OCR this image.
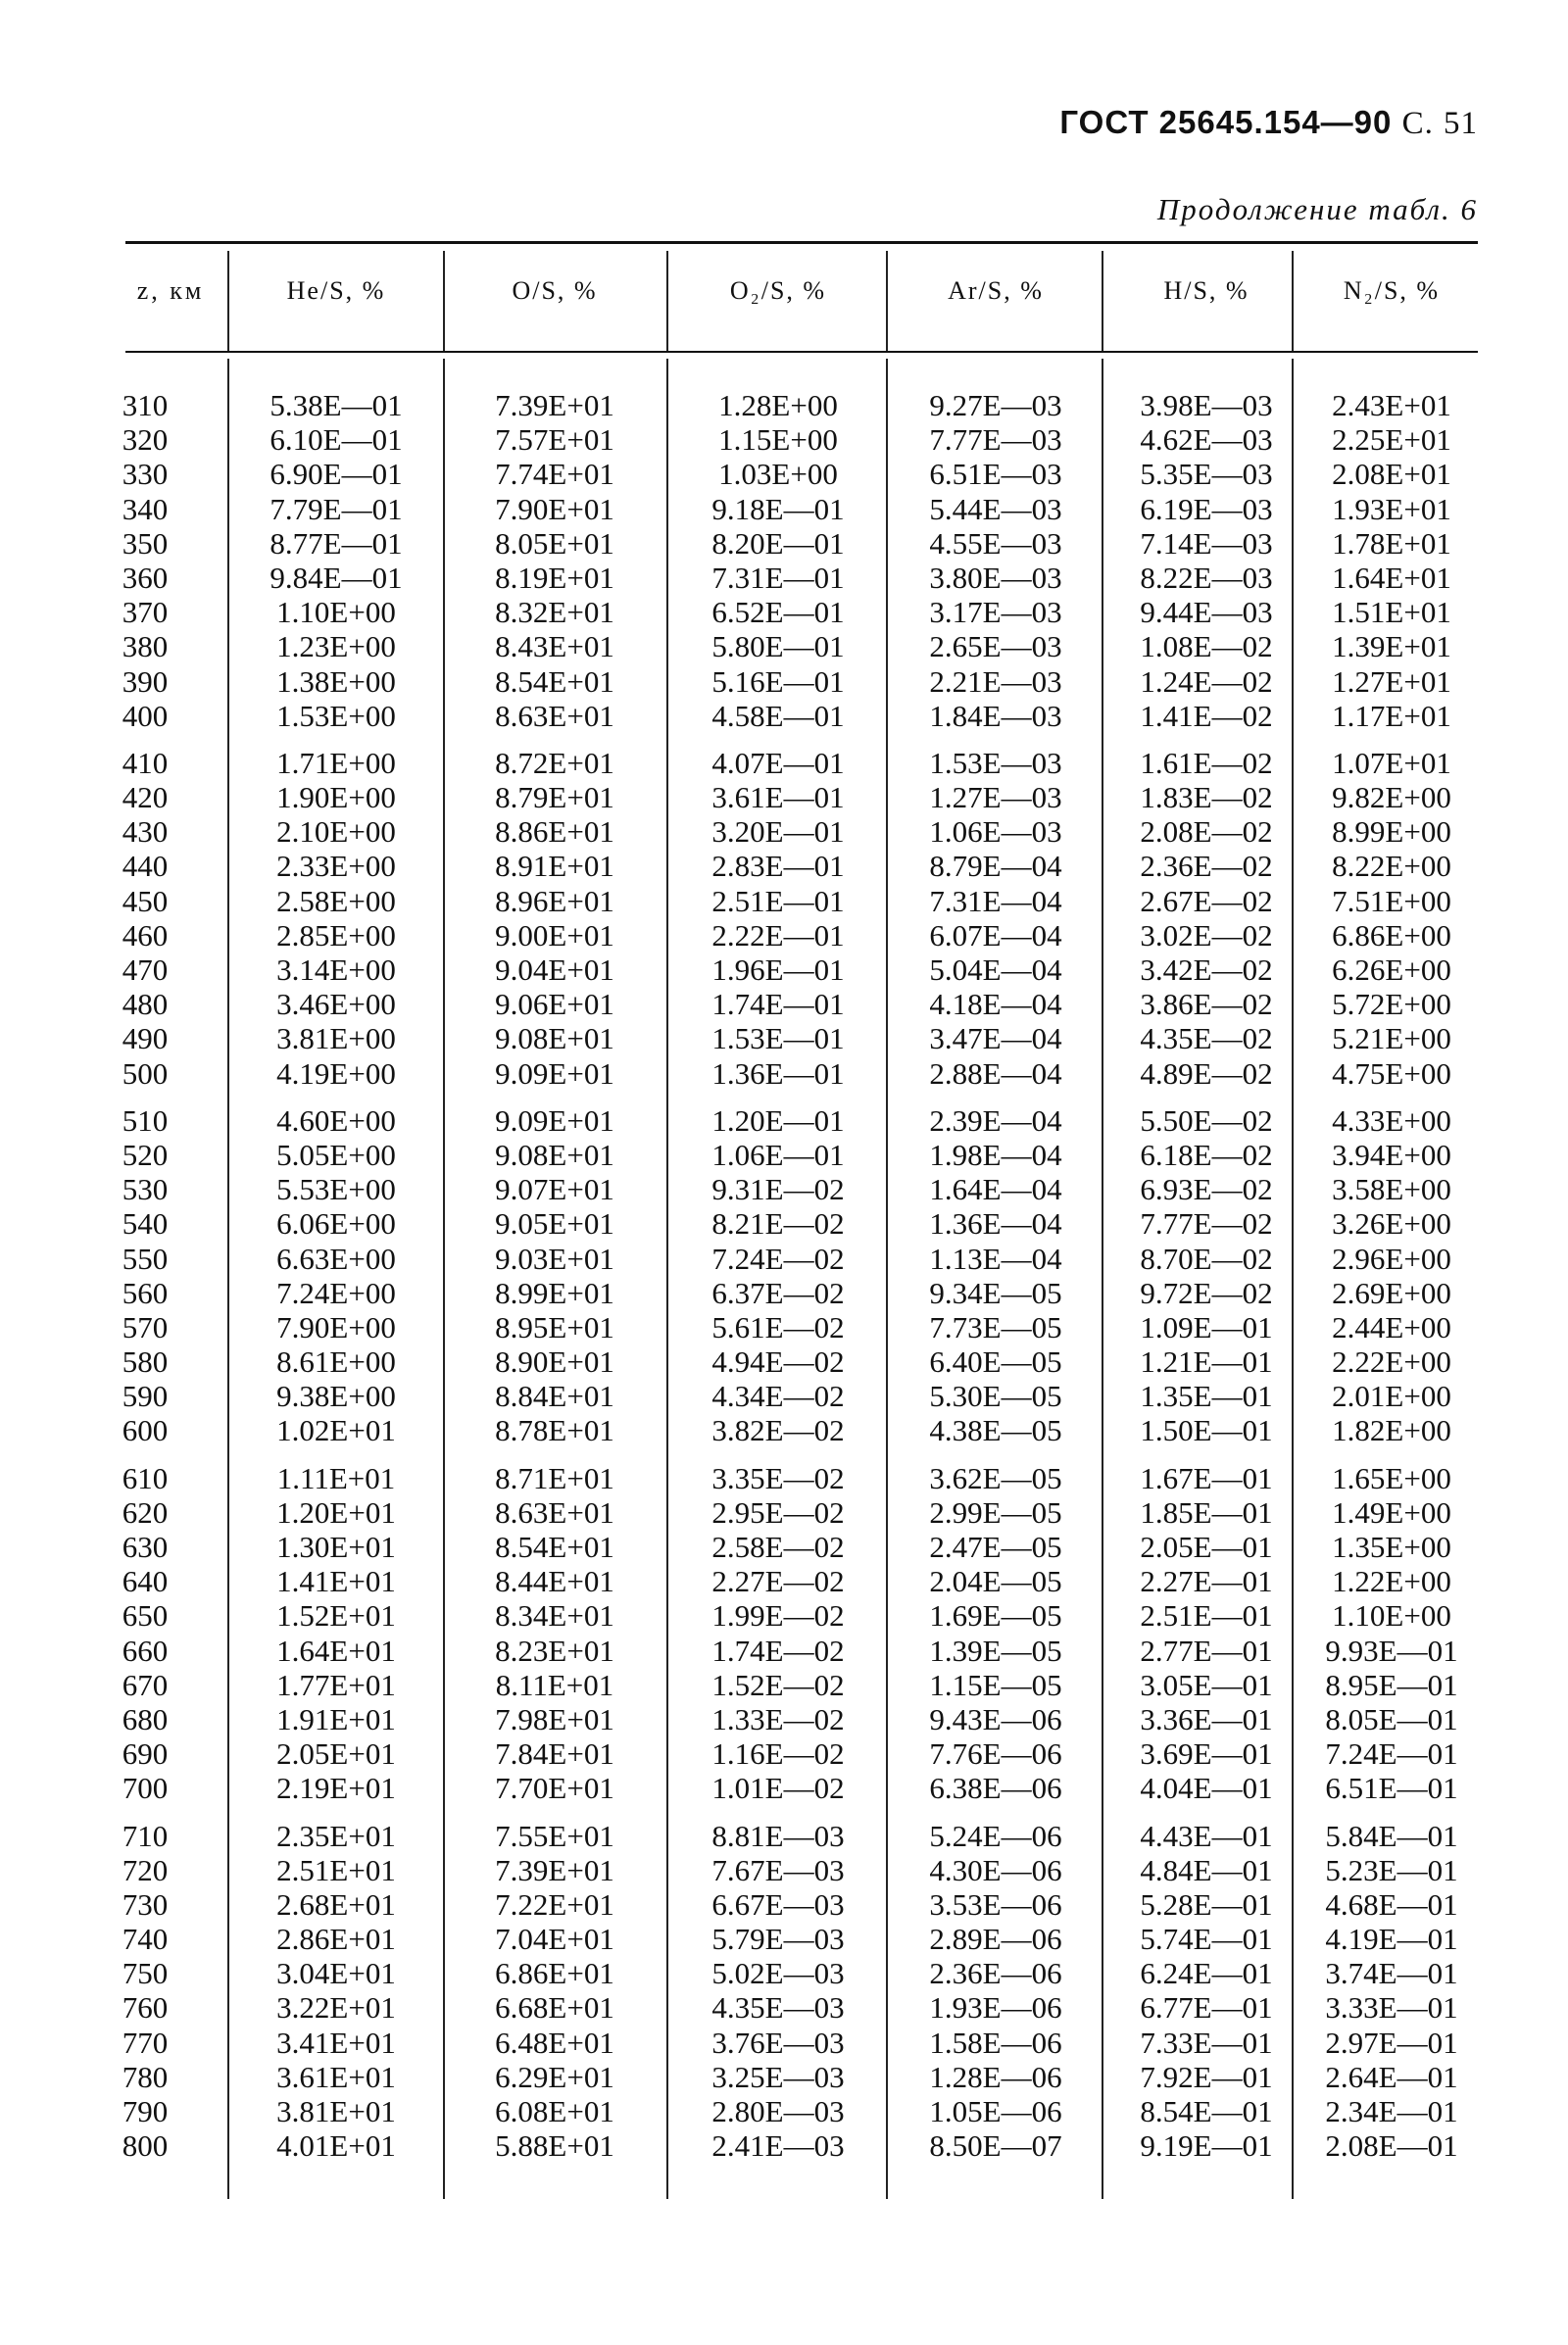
ГОСТ 25645.154—90 С. 51
Продолжение табл. 6
z, км	He/S, %	O/S, %	O₂/S, %	Ar/S, %	H/S, %	N₂/S, %
310	5.38E—01	7.39E+01	1.28E+00	9.27E—03	3.98E—03	2.43E+01
320	6.10E—01	7.57E+01	1.15E+00	7.77E—03	4.62E—03	2.25E+01
330	6.90E—01	7.74E+01	1.03E+00	6.51E—03	5.35E—03	2.08E+01
340	7.79E—01	7.90E+01	9.18E—01	5.44E—03	6.19E—03	1.93E+01
350	8.77E—01	8.05E+01	8.20E—01	4.55E—03	7.14E—03	1.78E+01
360	9.84E—01	8.19E+01	7.31E—01	3.80E—03	8.22E—03	1.64E+01
370	1.10E+00	8.32E+01	6.52E—01	3.17E—03	9.44E—03	1.51E+01
380	1.23E+00	8.43E+01	5.80E—01	2.65E—03	1.08E—02	1.39E+01
390	1.38E+00	8.54E+01	5.16E—01	2.21E—03	1.24E—02	1.27E+01
400	1.53E+00	8.63E+01	4.58E—01	1.84E—03	1.41E—02	1.17E+01
410	1.71E+00	8.72E+01	4.07E—01	1.53E—03	1.61E—02	1.07E+01
420	1.90E+00	8.79E+01	3.61E—01	1.27E—03	1.83E—02	9.82E+00
430	2.10E+00	8.86E+01	3.20E—01	1.06E—03	2.08E—02	8.99E+00
440	2.33E+00	8.91E+01	2.83E—01	8.79E—04	2.36E—02	8.22E+00
450	2.58E+00	8.96E+01	2.51E—01	7.31E—04	2.67E—02	7.51E+00
460	2.85E+00	9.00E+01	2.22E—01	6.07E—04	3.02E—02	6.86E+00
470	3.14E+00	9.04E+01	1.96E—01	5.04E—04	3.42E—02	6.26E+00
480	3.46E+00	9.06E+01	1.74E—01	4.18E—04	3.86E—02	5.72E+00
490	3.81E+00	9.08E+01	1.53E—01	3.47E—04	4.35E—02	5.21E+00
500	4.19E+00	9.09E+01	1.36E—01	2.88E—04	4.89E—02	4.75E+00
510	4.60E+00	9.09E+01	1.20E—01	2.39E—04	5.50E—02	4.33E+00
520	5.05E+00	9.08E+01	1.06E—01	1.98E—04	6.18E—02	3.94E+00
530	5.53E+00	9.07E+01	9.31E—02	1.64E—04	6.93E—02	3.58E+00
540	6.06E+00	9.05E+01	8.21E—02	1.36E—04	7.77E—02	3.26E+00
550	6.63E+00	9.03E+01	7.24E—02	1.13E—04	8.70E—02	2.96E+00
560	7.24E+00	8.99E+01	6.37E—02	9.34E—05	9.72E—02	2.69E+00
570	7.90E+00	8.95E+01	5.61E—02	7.73E—05	1.09E—01	2.44E+00
580	8.61E+00	8.90E+01	4.94E—02	6.40E—05	1.21E—01	2.22E+00
590	9.38E+00	8.84E+01	4.34E—02	5.30E—05	1.35E—01	2.01E+00
600	1.02E+01	8.78E+01	3.82E—02	4.38E—05	1.50E—01	1.82E+00
610	1.11E+01	8.71E+01	3.35E—02	3.62E—05	1.67E—01	1.65E+00
620	1.20E+01	8.63E+01	2.95E—02	2.99E—05	1.85E—01	1.49E+00
630	1.30E+01	8.54E+01	2.58E—02	2.47E—05	2.05E—01	1.35E+00
640	1.41E+01	8.44E+01	2.27E—02	2.04E—05	2.27E—01	1.22E+00
650	1.52E+01	8.34E+01	1.99E—02	1.69E—05	2.51E—01	1.10E+00
660	1.64E+01	8.23E+01	1.74E—02	1.39E—05	2.77E—01	9.93E—01
670	1.77E+01	8.11E+01	1.52E—02	1.15E—05	3.05E—01	8.95E—01
680	1.91E+01	7.98E+01	1.33E—02	9.43E—06	3.36E—01	8.05E—01
690	2.05E+01	7.84E+01	1.16E—02	7.76E—06	3.69E—01	7.24E—01
700	2.19E+01	7.70E+01	1.01E—02	6.38E—06	4.04E—01	6.51E—01
710	2.35E+01	7.55E+01	8.81E—03	5.24E—06	4.43E—01	5.84E—01
720	2.51E+01	7.39E+01	7.67E—03	4.30E—06	4.84E—01	5.23E—01
730	2.68E+01	7.22E+01	6.67E—03	3.53E—06	5.28E—01	4.68E—01
740	2.86E+01	7.04E+01	5.79E—03	2.89E—06	5.74E—01	4.19E—01
750	3.04E+01	6.86E+01	5.02E—03	2.36E—06	6.24E—01	3.74E—01
760	3.22E+01	6.68E+01	4.35E—03	1.93E—06	6.77E—01	3.33E—01
770	3.41E+01	6.48E+01	3.76E—03	1.58E—06	7.33E—01	2.97E—01
780	3.61E+01	6.29E+01	3.25E—03	1.28E—06	7.92E—01	2.64E—01
790	3.81E+01	6.08E+01	2.80E—03	1.05E—06	8.54E—01	2.34E—01
800	4.01E+01	5.88E+01	2.41E—03	8.50E—07	9.19E—01	2.08E—01
